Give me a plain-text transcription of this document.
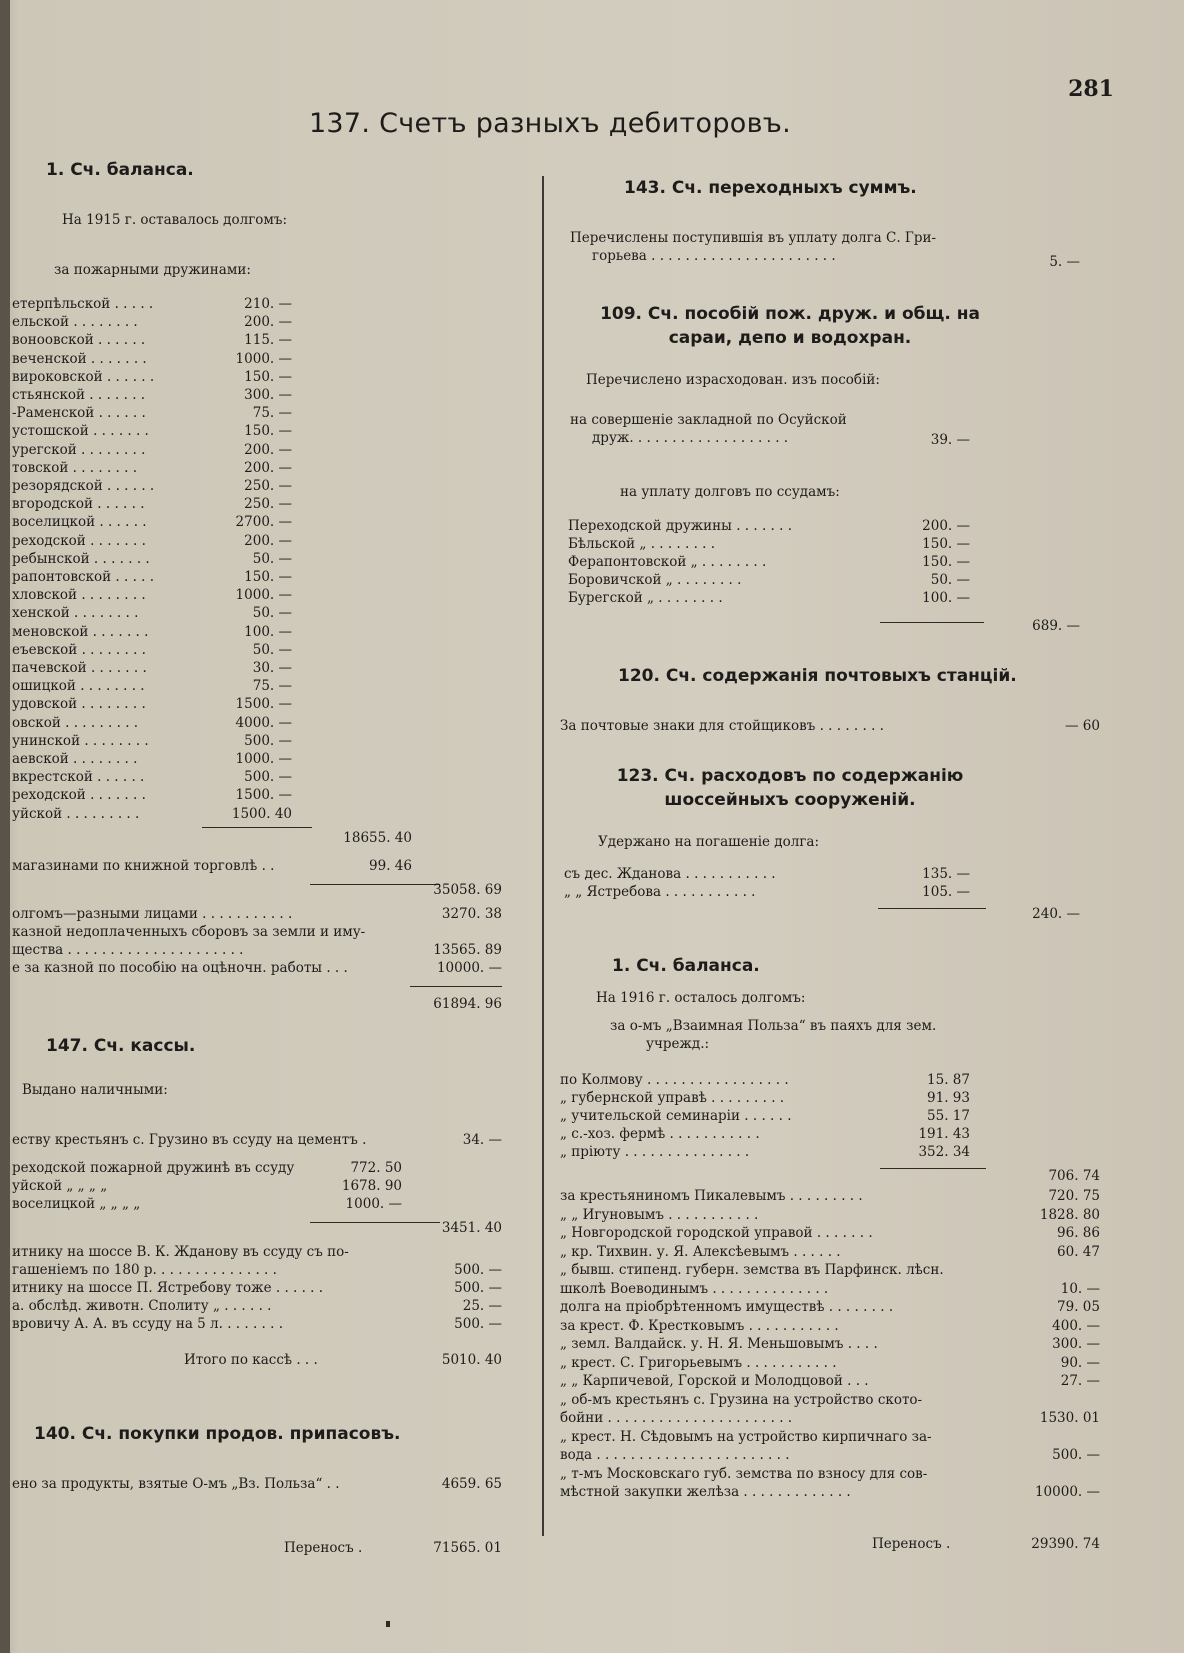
281
137. Счетъ разныхъ дебиторовъ.
1. Сч. баланса.
На 1915 г. оставалось долгомъ:
за пожарными дружинами:
етерпѣльской . . . . .	210. —
ельской . . . . . . . .	200. —
воноовской . . . . . .	115. —
вечeнской . . . . . . .	1000. —
вироковской . . . . . .	150. —
стьянской . . . . . . .	300. —
-Раменской . . . . . .	75. —
устошской . . . . . . .	150. —
урегской . . . . . . . .	200. —
тoвской . . . . . . . .	200. —
резорядской . . . . . .	250. —
вгородской . . . . . .	250. —
восeлицкой . . . . . .	2700. —
реходской . . . . . . .	200. —
ребынской . . . . . . .	50. —
рaпонтовской . . . . .	150. —
хловской . . . . . . . .	1000. —
хенской . . . . . . . .	50. —
меновской . . . . . . .	100. —
еъевской . . . . . . . .	50. —
пачевской . . . . . . .	30. —
ошицкой . . . . . . . .	75. —
удовской . . . . . . . .	1500. —
овской . . . . . . . . .	4000. —
унинской . . . . . . . .	500. —
аевской . . . . . . . .	1000. —
вкрестской . . . . . .	500. —
реходской . . . . . . .	1500. —
уйской . . . . . . . . .	1500. 40
18655. 40
магазинами по книжной торговлѣ . .	99. 46
35058. 69
олгомъ—разными лицами . . . . . . . . . . .	3270. 38
казной недоплаченныхъ сборовъ за земли и иму-
щества . . . . . . . . . . . . . . . . . . . . .	13565. 89
е за казной по пособію на оцѣночн. работы . . .	10000. —
61894. 96
147. Сч. кассы.
Выдано наличными:
еству крестьянъ с. Грузино въ ссуду на цементъ .	34. —
реходской пожарной дружинѣ въ ссуду	772. 50
уйской „ „ „ „	1678. 90
восeлицкой „ „ „ „	1000. —
3451. 40
итнику на шоссе В. К. Жданову въ ссуду съ по-
гашеніемъ по 180 р. . . . . . . . . . . . . . .	500. —
итнику на шоссе П. Ястребову тоже . . . . . .	500. —
а. обслѣд. животн. Сполиту „ . . . . . .	25. —
вровичу А. А. въ ссуду на 5 л. . . . . . . .	500. —
Итого по кассѣ . . .	5010. 40
140. Сч. покупки продов. припасовъ.
ено за продукты, взятые О-мъ „Вз. Польза“ . .	4659. 65
Переносъ .	71565. 01
143. Сч. переходныхъ суммъ.
Перечислены поступившія въ уплату долга С. Гри-
горьева . . . . . . . . . . . . . . . . . . . . . .	5. —
109. Сч. пособій пож. друж. и общ. на сараи, депо и водохран.
Перечислено израсходован. изъ пособій:
на совершеніе закладной по Осуйской
друж. . . . . . . . . . . . . . . . . . .	39. —
на уплату долговъ по ссудамъ:
Переходской дружины . . . . . . .	200. —
Бѣльской „ . . . . . . . .	150. —
Ферапонтовской „ . . . . . . . .	150. —
Боровичской „ . . . . . . . .	50. —
Бурегской „ . . . . . . . .	100. —
689. —
120. Сч. содержанія почтовыхъ станцій.
За почтовые знаки для стойщиковъ . . . . . . . .	— 60
123. Сч. расходовъ по содержанію шоссейныхъ сооруженій.
Удержано на погашеніе долга:
съ дес. Жданова . . . . . . . . . . .	135. —
„ „ Ястребова . . . . . . . . . . .	105. —
240. —
1. Сч. баланса.
На 1916 г. осталось долгомъ:
за о-мъ „Взаимная Польза“ въ паяхъ для зем.
учрежд.:
по Колмову . . . . . . . . . . . . . . . . .	15. 87
„ губернской управѣ . . . . . . . . .	91. 93
„ учительской семинаріи . . . . . .	55. 17
„ с.-хоз. фермѣ . . . . . . . . . . .	191. 43
„ пріюту . . . . . . . . . . . . . . .	352. 34
706. 74
за крестьяниномъ Пикалевымъ . . . . . . . . .	720. 75
„ „ Игуновымъ . . . . . . . . . . .	1828. 80
„ Новгородской городской управой . . . . . . .	96. 86
„ кр. Тихвин. у. Я. Алексѣевымъ . . . . . .	60. 47
„ бывш. стипенд. губерн. земства въ Парфинск. лѣсн.
школѣ Воеводинымъ . . . . . . . . . . . . . .	10. —
долга на пріобрѣтенномъ имуществѣ . . . . . . . .	79. 05
за крест. Ф. Крестковымъ . . . . . . . . . . .	400. —
„ земл. Валдайск. у. Н. Я. Меньшовымъ . . . .	300. —
„ крест. С. Григорьевымъ . . . . . . . . . . .	90. —
„ „ Карпичевой, Горской и Молодцовой . . .	27. —
„ об-мъ крестьянъ с. Грузина на устройство ското-
бойни . . . . . . . . . . . . . . . . . . . . . .	1530. 01
„ крест. Н. Сѣдовымъ на устройство кирпичнаго за-
вода . . . . . . . . . . . . . . . . . . . . . . .	500. —
„ т-мъ Московскаго губ. земства по взносу для сов-
мѣстной закупки желѣза . . . . . . . . . . . . .	10000. —
Переносъ .	29390. 74
